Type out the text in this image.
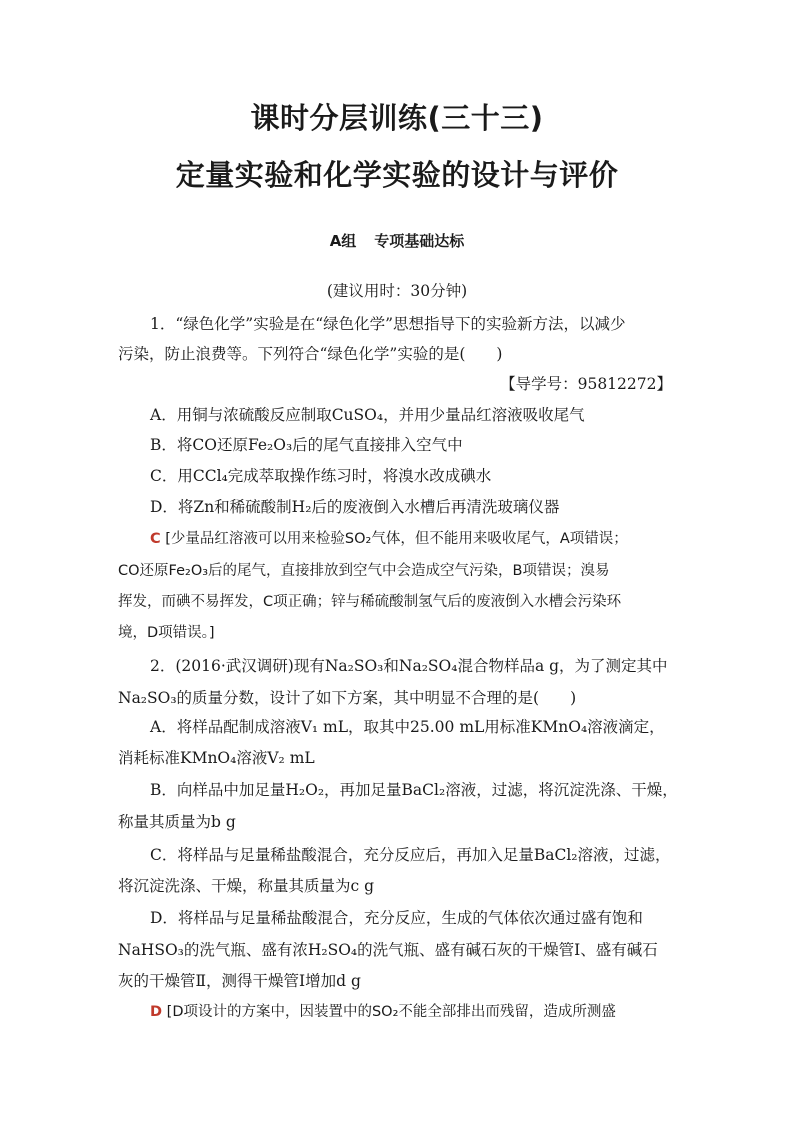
课时分层训练(三十三)
定量实验和化学实验的设计与评价
A组 专项基础达标
(建议用时：30分钟)
1．“绿色化学”实验是在“绿色化学”思想指导下的实验新方法，以减少
污染，防止浪费等。下列符合“绿色化学”实验的是(　　)
【导学号：95812272】
A．用铜与浓硫酸反应制取CuSO₄，并用少量品红溶液吸收尾气
B．将CO还原Fe₂O₃后的尾气直接排入空气中
C．用CCl₄完成萃取操作练习时，将溴水改成碘水
D．将Zn和稀硫酸制H₂后的废液倒入水槽后再清洗玻璃仪器
C [少量品红溶液可以用来检验SO₂气体，但不能用来吸收尾气，A项错误；
CO还原Fe₂O₃后的尾气，直接排放到空气中会造成空气污染，B项错误；溴易
挥发，而碘不易挥发，C项正确；锌与稀硫酸制氢气后的废液倒入水槽会污染环
境，D项错误。]
2．(2016·武汉调研)现有Na₂SO₃和Na₂SO₄混合物样品a g，为了测定其中
Na₂SO₃的质量分数，设计了如下方案，其中明显不合理的是(　　)
A．将样品配制成溶液V₁ mL，取其中25.00 mL用标准KMnO₄溶液滴定，
消耗标准KMnO₄溶液V₂ mL
B．向样品中加足量H₂O₂，再加足量BaCl₂溶液，过滤，将沉淀洗涤、干燥，
称量其质量为b g
C．将样品与足量稀盐酸混合，充分反应后，再加入足量BaCl₂溶液，过滤，
将沉淀洗涤、干燥，称量其质量为c g
D．将样品与足量稀盐酸混合，充分反应，生成的气体依次通过盛有饱和
NaHSO₃的洗气瓶、盛有浓H₂SO₄的洗气瓶、盛有碱石灰的干燥管Ⅰ、盛有碱石
灰的干燥管Ⅱ，测得干燥管Ⅰ增加d g
D [D项设计的方案中，因装置中的SO₂不能全部排出而残留，造成所测盛
